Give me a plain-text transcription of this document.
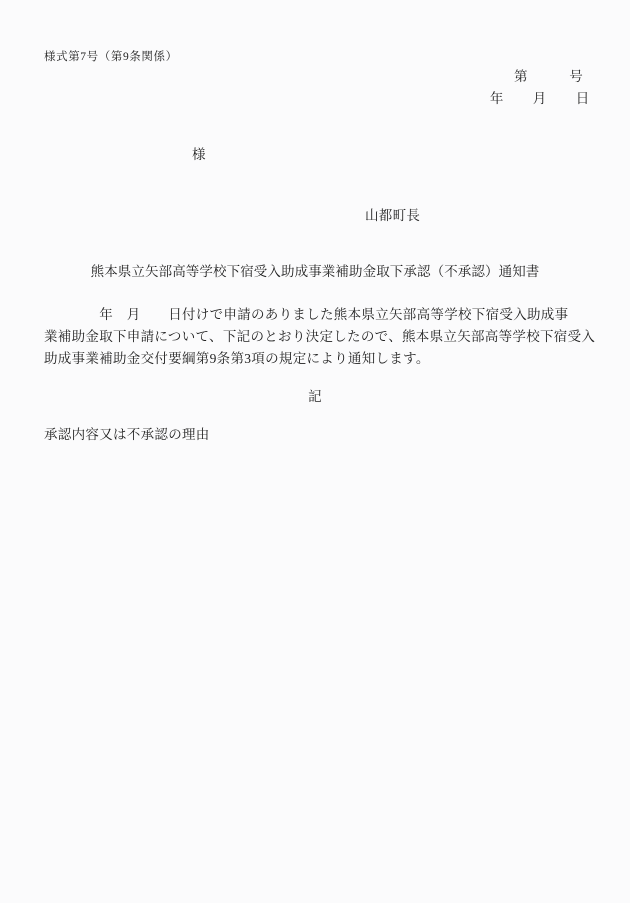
様式第7号（第9条関係）
第　　　号
年　　月　　日
様
山都町長
熊本県立矢部高等学校下宿受入助成事業補助金取下承認（不承認）通知書
　　　　年　月　　日付けで申請のありました熊本県立矢部高等学校下宿受入助成事
業補助金取下申請について、下記のとおり決定したので、熊本県立矢部高等学校下宿受入
助成事業補助金交付要綱第9条第3項の規定により通知します。
記
承認内容又は不承認の理由
